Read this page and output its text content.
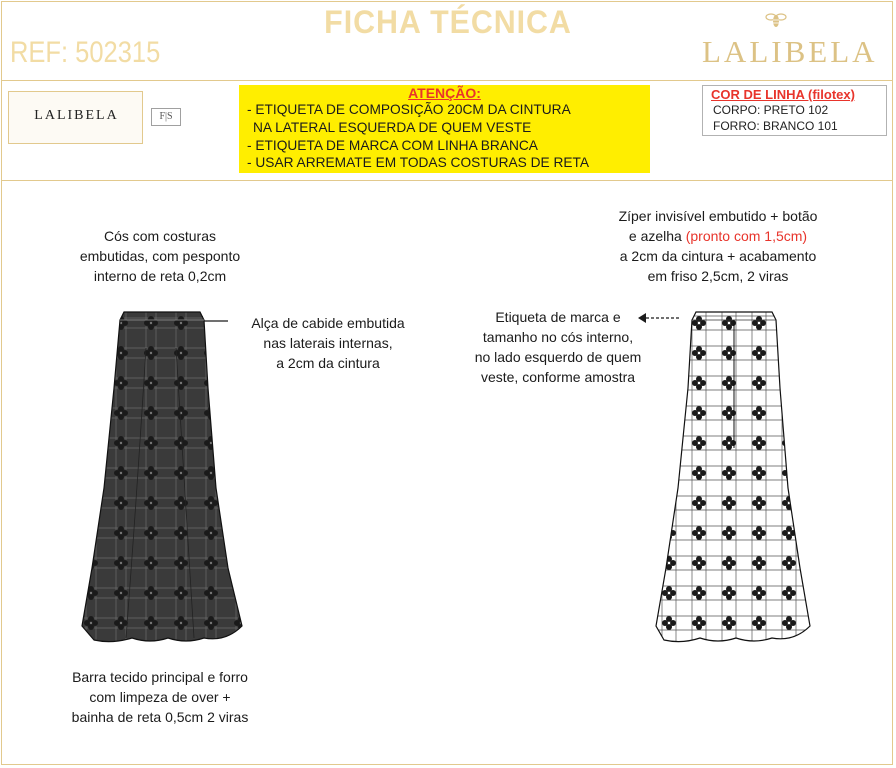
FICHA TÉCNICA
REF: 502315	LALIBELA
LALIBELA	F|S
ATENÇÃO:
- ETIQUETA DE COMPOSIÇÃO 20CM DA CINTURA
NA LATERAL ESQUERDA DE QUEM VESTE
- ETIQUETA DE MARCA COM LINHA BRANCA
- USAR ARREMATE EM TODAS COSTURAS DE RETA
COR DE LINHA (filotex)
CORPO: PRETO 102
FORRO: BRANCO 101
Cós com costuras
embutidas, com pesponto
interno de reta 0,2cm
Alça de cabide embutida
nas laterais internas,
a 2cm da cintura
Barra tecido principal e forro
com limpeza de over +
bainha de reta 0,5cm 2 viras
Zíper invisível embutido + botão
e azelha (pronto com 1,5cm)
a 2cm da cintura + acabamento
em friso 2,5cm, 2 viras
Etiqueta de marca e
tamanho no cós interno,
no lado esquerdo de quem
veste, conforme amostra
